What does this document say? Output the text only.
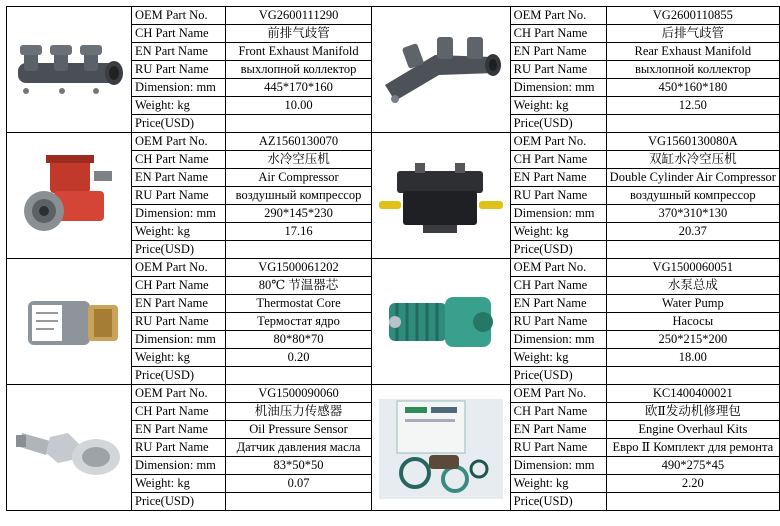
	OEM Part No.	VG2600111290		OEM Part No.	VG2600110855
	CH Part Name	前排气歧管		CH Part Name	后排气歧管
	EN Part Name	Front Exhaust Manifold		EN Part Name	Rear Exhaust Manifold
	RU Part Name	выхлопной коллектор		RU Part Name	выхлопной коллектор
	Dimension: mm	445*170*160		Dimension: mm	450*160*180
	Weight: kg	10.00		Weight: kg	12.50
	Price(USD)			Price(USD)	

	OEM Part No.	AZ1560130070		OEM Part No.	VG1560130080A
	CH Part Name	水冷空压机		CH Part Name	双缸水冷空压机
	EN Part Name	Air Compressor		EN Part Name	Double Cylinder Air Compressor
	RU Part Name	воздушный компрессор		RU Part Name	воздушный компрессор
	Dimension: mm	290*145*230		Dimension: mm	370*310*130
	Weight: kg	17.16		Weight: kg	20.37
	Price(USD)			Price(USD)	

	OEM Part No.	VG1500061202		OEM Part No.	VG1500060051
	CH Part Name	80℃ 节温器芯		CH Part Name	水泵总成
	EN Part Name	Thermostat Core		EN Part Name	Water Pump
	RU Part Name	Термостат ядро		RU Part Name	Насосы
	Dimension: mm	80*80*70		Dimension: mm	250*215*200
	Weight: kg	0.20		Weight: kg	18.00
	Price(USD)			Price(USD)	

	OEM Part No.	VG1500090060		OEM Part No.	KC1400400021
	CH Part Name	机油压力传感器		CH Part Name	欧Ⅱ发动机修理包
	EN Part Name	Oil Pressure Sensor		EN Part Name	Engine Overhaul Kits
	RU Part Name	Датчик давления масла		RU Part Name	Евро Ⅱ Комплект для ремонта
	Dimension: mm	83*50*50		Dimension: mm	490*275*45
	Weight: kg	0.07		Weight: kg	2.20
	Price(USD)			Price(USD)	
